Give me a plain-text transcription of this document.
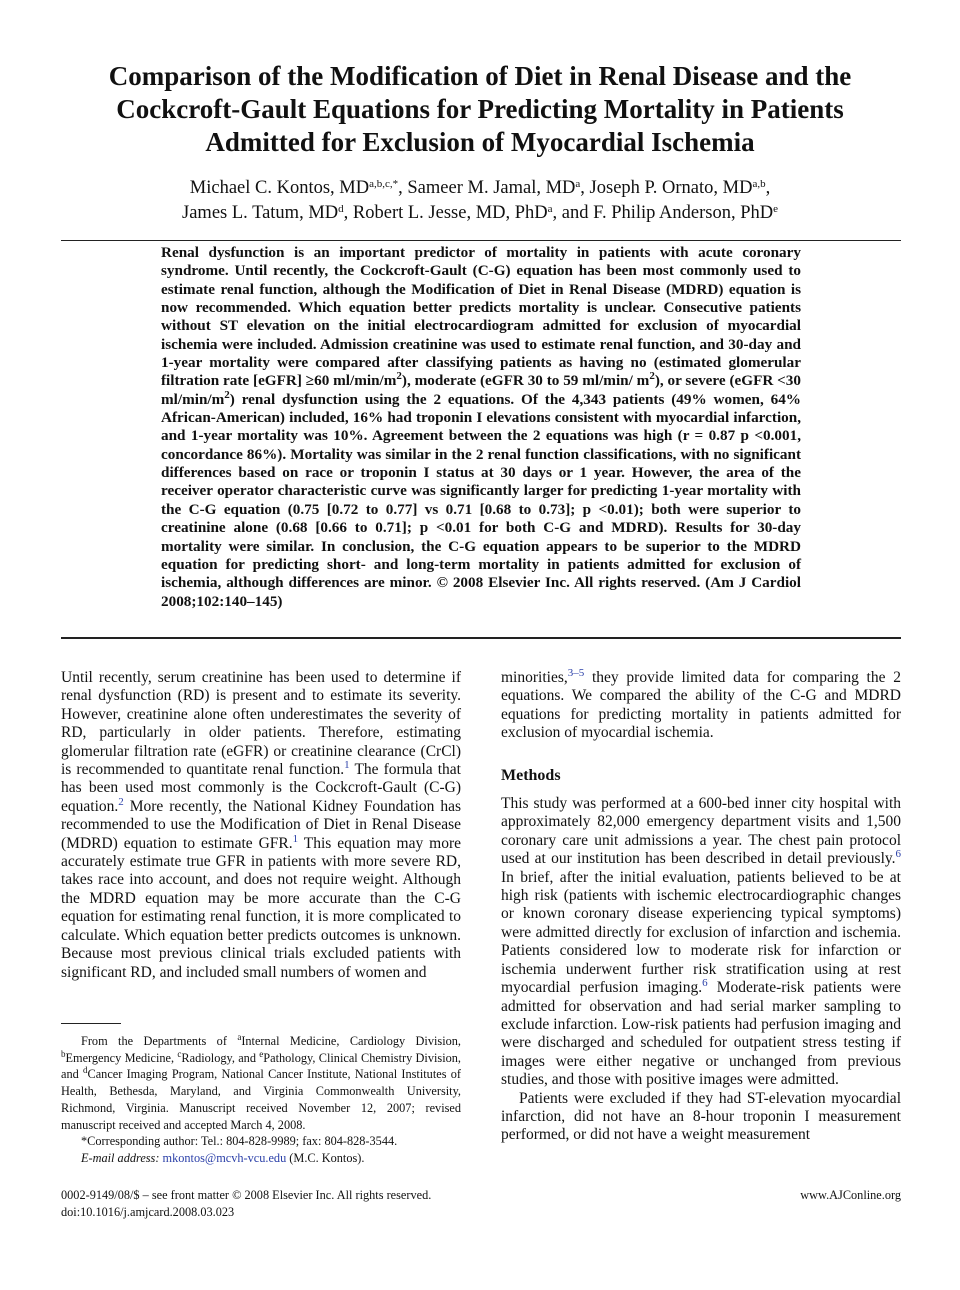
Comparison of the Modification of Diet in Renal Disease and the
Cockcroft-Gault Equations for Predicting Mortality in Patients
Admitted for Exclusion of Myocardial Ischemia
Michael C. Kontos, $MD^{a,b,c,*}$, Sameer M. Jamal, $MD^a$, Joseph P. Ornato, MD$^{a,b}$,
James L. Tatum, $MD^d$, Robert L. Jesse, MD, PhD$^a$, and F. Philip Anderson, PhD$^e$

Renal dysfunction is an important predictor of mortality in patients with acute coronary syndrome. Until recently, the Cockcroft-Gault (C-G) equation has been most commonly used to estimate renal function, although the Modification of Diet in Renal Disease (MDRD) equation is now recommended. Which equation better predicts mortality is unclear. Consecutive patients without ST elevation on the initial electrocardiogram admitted for exclusion of myocardial ischemia were included. Admission creatinine was used to estimate renal function, and 30-day and 1-year mortality were compared after classifying patients as having no (estimated glomerular filtration rate [eGFR] ≥60 $ml/\min/m^2$), moderate (eGFR 30 to 59 ml/min/ $m^2$), or severe (eGFR <30 $ml/\min/m^2$) renal dysfunction using the 2 equations. Of the 4,343 patients (49% women, 64% African-American) included, 16% had troponin I elevations consistent with myocardial infarction, and 1-year mortality was 10%. Agreement between the 2 equations was high (r = 0.87 p <0.001, concordance 86%). Mortality was similar in the 2 renal function classifications, with no significant differences based on race or troponin I status at 30 days or 1 year. However, the area of the receiver operator characteristic curve was significantly larger for predicting 1-year mortality with the C-G equation (0.75 [0.72 to 0.77] vs 0.71 [0.68 to 0.73]; p <0.01); both were superior to creatinine alone (0.68 [0.66 to 0.71]; p <0.01 for both C-G and MDRD). Results for 30-day mortality were similar. In conclusion, the C-G equation appears to be superior to the MDRD equation for predicting short- and long-term mortality in patients admitted for exclusion of ischemia, although differences are minor. © 2008 Elsevier Inc. All rights reserved. (Am J Cardiol 2008;102:140–145)

Until recently, serum creatinine has been used to determine if renal dysfunction (RD) is present and to estimate its severity. However, creatinine alone often underestimates the severity of RD, particularly in older patients. Therefore, estimating glomerular filtration rate (eGFR) or creatinine clearance (CrCl) is recommended to quantitate renal function.$^1$ The formula that has been used most commonly is the Cockcroft-Gault (C-G) equation.$^2$ More recently, the National Kidney Foundation has recommended to use the Modification of Diet in Renal Disease (MDRD) equation to estimate GFR.$^1$ This equation may more accurately estimate true GFR in patients with more severe RD, takes race into account, and does not require weight. Although the MDRD equation may be more accurate than the C-G equation for estimating renal function, it is more complicated to calculate. Which equation better predicts outcomes is unknown. Because most previous clinical trials excluded patients with significant RD, and included small numbers of women and

From the Departments of $^a$Internal Medicine, Cardiology Division, $^b$Emergency Medicine, $^c$Radiology, and $^e$Pathology, Clinical Chemistry Division, and $^d$Cancer Imaging Program, National Cancer Institute, National Institutes of Health, Bethesda, Maryland, and Virginia Commonwealth University, Richmond, Virginia. Manuscript received November 12, 2007; revised manuscript received and accepted March 4, 2008.

*Corresponding author: Tel.: 804-828-9989; fax: 804-828-3544.

E-mail address: mkontos@mcvh-vcu.edu (M.C. Kontos).

minorities,$^{3-5}$ they provide limited data for comparing the 2 equations. We compared the ability of the C-G and MDRD equations for predicting mortality in patients admitted for exclusion of myocardial ischemia.

Methods

This study was performed at a 600-bed inner city hospital with approximately 82,000 emergency department visits and 1,500 coronary care unit admissions a year. The chest pain protocol used at our institution has been described in detail previously.$^6$ In brief, after the initial evaluation, patients believed to be at high risk (patients with ischemic electrocardiographic changes or known coronary disease experiencing typical symptoms) were admitted directly for exclusion of infarction and ischemia. Patients considered low to moderate risk for infarction or ischemia underwent further risk stratification using at rest myocardial perfusion imaging.$^6$ Moderate-risk patients were admitted for observation and had serial marker sampling to exclude infarction. Low-risk patients had perfusion imaging and were discharged and scheduled for outpatient stress testing if images were either negative or unchanged from previous studies, and those with positive images were admitted.

Patients were excluded if they had ST-elevation myocardial infarction, did not have an 8-hour troponin I measurement performed, or did not have a weight measurement

0002-9149/08/$ – see front matter © 2008 Elsevier Inc. All rights reserved.
doi:10.1016/j.amjcard.2008.03.023
www.AJConline.org
